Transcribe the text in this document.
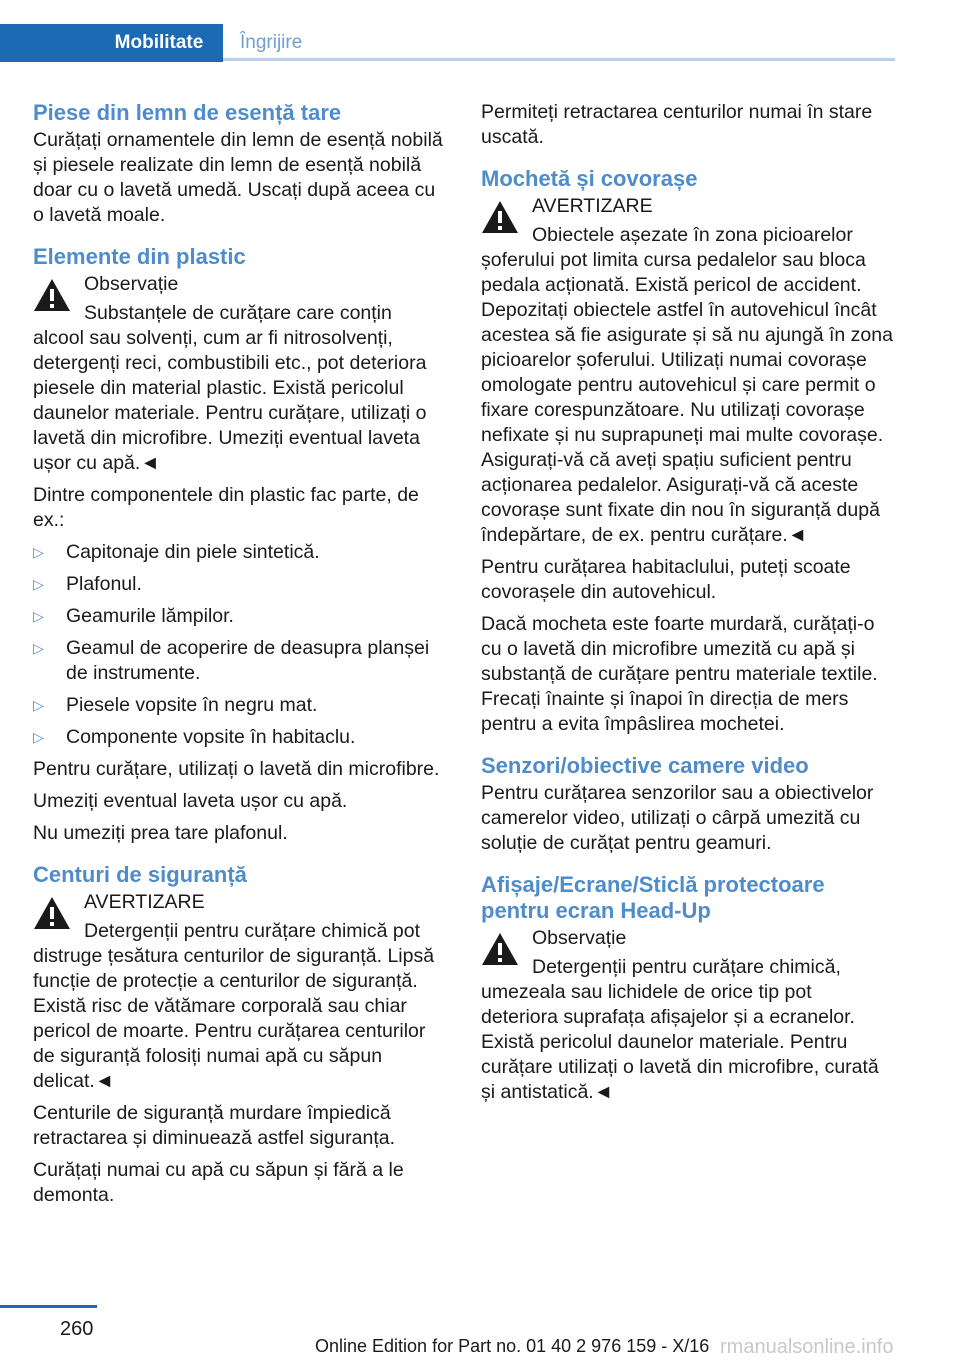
Mobilitate	Îngrijire
Piese din lemn de esență tare

Curățați ornamentele din lemn de esență nobilă și piesele realizate din lemn de esență nobilă doar cu o lavetă umedă. Uscați după aceea cu o lavetă moale.

Elemente din plastic
Observație
Substanțele de curățare care conțin alcool sau solvenți, cum ar fi nitrosolvenți, detergenți reci, combustibili etc., pot deteriora piesele din material plastic. Există pericolul daunelor materiale. Pentru curățare, utilizați o lavetă din microfibre. Umeziți eventual laveta ușor cu apă.◄

Dintre componentele din plastic fac parte, de ex.:

▷ Capitonaje din piele sintetică.
▷ Plafonul.
▷ Geamurile lămpilor.
▷ Geamul de acoperire de deasupra planșei de instrumente.
▷ Piesele vopsite în negru mat.
▷ Componente vopsite în habitaclu.

Pentru curățare, utilizați o lavetă din microfibre.

Umeziți eventual laveta ușor cu apă.

Nu umeziți prea tare plafonul.

Centuri de siguranță
AVERTIZARE
Detergenții pentru curățare chimică pot distruge țesătura centurilor de siguranță. Lipsă funcție de protecție a centurilor de siguranță. Există risc de vătămare corporală sau chiar pericol de moarte. Pentru curățarea centurilor de siguranță folosiți numai apă cu săpun delicat.◄

Centurile de siguranță murdare împiedică retractarea și diminuează astfel siguranța.

Curățați numai cu apă cu săpun și fără a le demonta.

Permiteți retractarea centurilor numai în stare uscată.

Mochetă și covorașe
AVERTIZARE
Obiectele așezate în zona picioarelor șoferului pot limita cursa pedalelor sau bloca pedala acționată. Există pericol de accident. Depozitați obiectele astfel în autovehicul încât acestea să fie asigurate și să nu ajungă în zona picioarelor șoferului. Utilizați numai covorașe omologate pentru autovehicul și care permit o fixare corespunzătoare. Nu utilizați covorașe nefixate și nu suprapuneți mai multe covorașe. Asigurați-vă că aveți spațiu suficient pentru acționarea pedalelor. Asigurați-vă că aceste covorașe sunt fixate din nou în siguranță după îndepărtare, de ex. pentru curățare.◄

Pentru curățarea habitaclului, puteți scoate covorașele din autovehicul.

Dacă mocheta este foarte murdară, curățați-o cu o lavetă din microfibre umezită cu apă și substanță de curățare pentru materiale textile. Frecați înainte și înapoi în direcția de mers pentru a evita împâslirea mochetei.

Senzori/obiective camere video

Pentru curățarea senzorilor sau a obiectivelor camerelor video, utilizați o cârpă umezită cu soluție de curățat pentru geamuri.

Afișaje/Ecrane/Sticlă protectoare pentru ecran Head-Up
Observație
Detergenții pentru curățare chimică, umezeala sau lichidele de orice tip pot deteriora suprafața afișajelor și a ecranelor. Există pericolul daunelor materiale. Pentru curățare utilizați o lavetă din microfibre, curată și antistatică.◄
260
Online Edition for Part no. 01 40 2 976 159 - X/16 rmanualsonline.info
